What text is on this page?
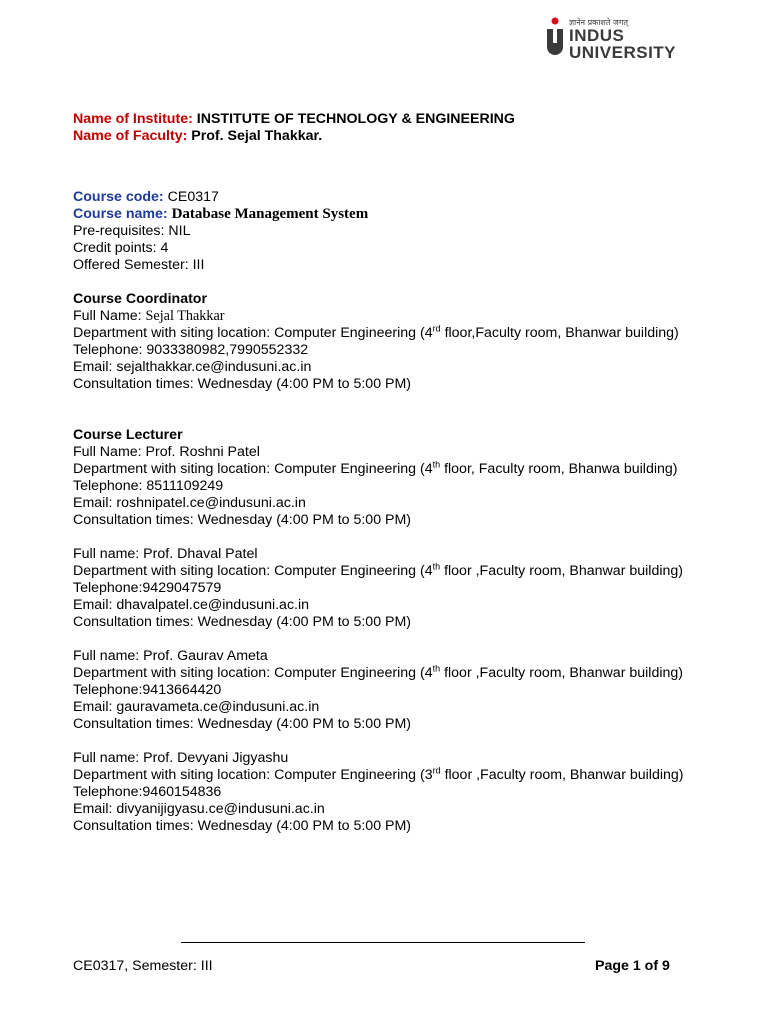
ज्ञानेन प्रकाशते जगत्
INDUS
UNIVERSITY
Name of Institute: INSTITUTE OF TECHNOLOGY & ENGINEERING
Name of Faculty: Prof. Sejal Thakkar.
Course code: CE0317
Course name: Database Management System
Pre-requisites: NIL
Credit points: 4
Offered Semester: III
Course Coordinator
Full Name: Sejal Thakkar
Department with siting location: Computer Engineering (4rd floor,Faculty room, Bhanwar building)
Telephone: 9033380982,7990552332
Email: sejalthakkar.ce@indusuni.ac.in
Consultation times: Wednesday (4:00 PM to 5:00 PM)
Course Lecturer
Full Name: Prof. Roshni Patel
Department with siting location: Computer Engineering (4th floor, Faculty room, Bhanwa building)
Telephone: 8511109249
Email: roshnipatel.ce@indusuni.ac.in
Consultation times: Wednesday (4:00 PM to 5:00 PM)
Full name: Prof. Dhaval Patel
Department with siting location: Computer Engineering (4th floor ,Faculty room, Bhanwar building)
Telephone:9429047579
Email: dhavalpatel.ce@indusuni.ac.in
Consultation times: Wednesday (4:00 PM to 5:00 PM)
Full name: Prof. Gaurav Ameta
Department with siting location: Computer Engineering (4th floor ,Faculty room, Bhanwar building)
Telephone:9413664420
Email: gauravameta.ce@indusuni.ac.in
Consultation times: Wednesday (4:00 PM to 5:00 PM)
Full name: Prof. Devyani Jigyashu
Department with siting location: Computer Engineering (3rd floor ,Faculty room, Bhanwar building)
Telephone:9460154836
Email: divyanijigyasu.ce@indusuni.ac.in
Consultation times: Wednesday (4:00 PM to 5:00 PM)
CE0317, Semester: III	Page 1 of 9
